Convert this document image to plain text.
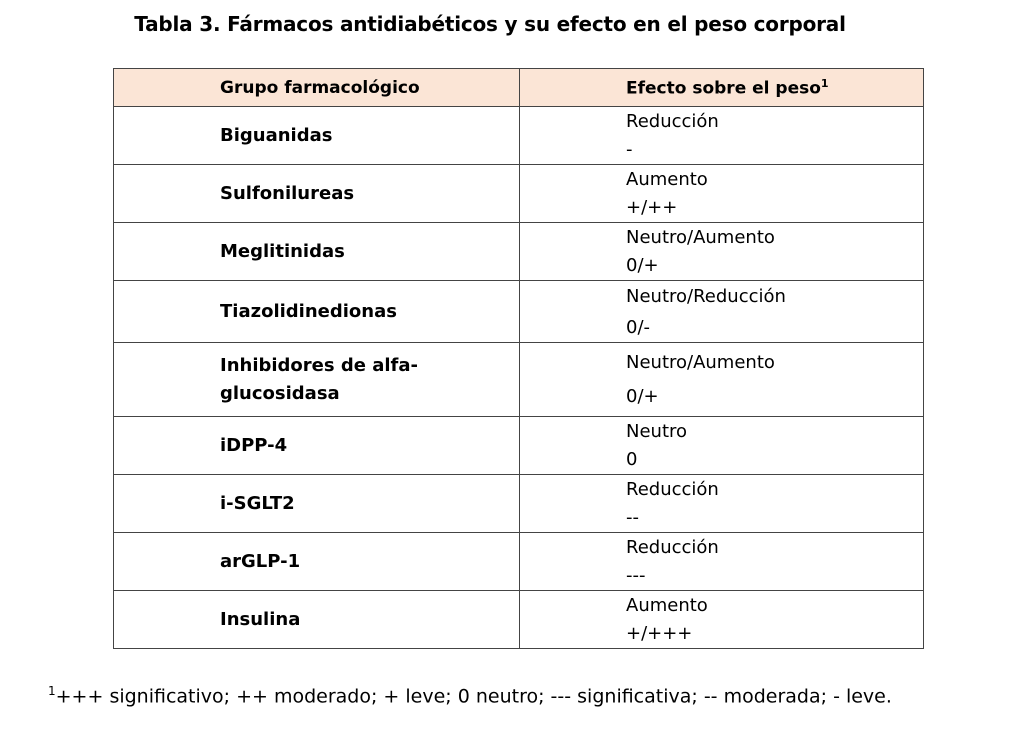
Tabla 3. Fármacos antidiabéticos y su efecto en el peso corporal
Grupo farmacológico	Efecto sobre el peso$^1$

Biguanidas	Reducción
-

Sulfonilureas	Aumento
+/++

Meglitinidas	Neutro/Aumento
0/+

Tiazolidinedionas	Neutro/Reducción
0/-

Inhibidores de alfa-glucosidasa	Neutro/Aumento
0/+

iDPP-4	Neutro
0

i-SGLT2	Reducción
--

arGLP-1	Reducción
---

Insulina	Aumento
+/+++
$^1$+++ significativo; ++ moderado; + leve; 0 neutro; --- significativa; -- moderada; - leve.
